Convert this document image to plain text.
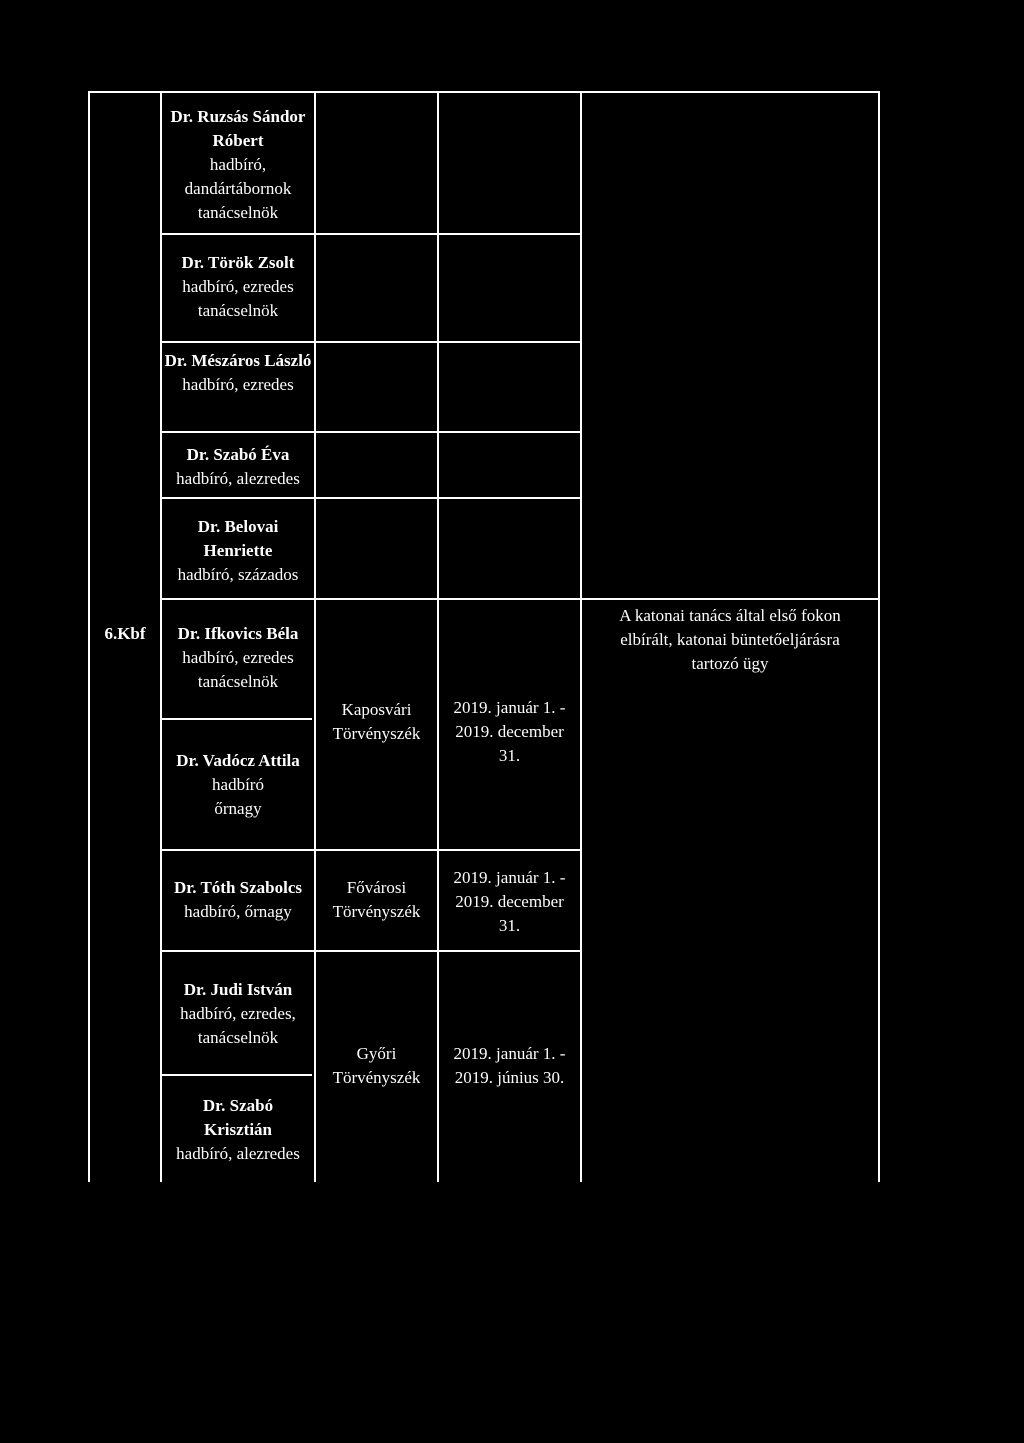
Dr. Ruzsás Sándor Róbert
hadbíró, dandártábornok tanácselnök
Dr. Török Zsolt
hadbíró, ezredes tanácselnök
Dr. Mészáros László
hadbíró, ezredes
Dr. Szabó Éva
hadbíró, alezredes
Dr. Belovai Henriette
hadbíró, százados
6.Kbf	Dr. Ifkovics Béla
hadbíró, ezredes tanácselnök
Dr. Vadócz Attila
hadbíró őrnagy
Kaposvári Törvényszék
2019. január 1. - 2019. december 31.
A katonai tanács által első fokon elbírált, katonai büntetőeljárásra tartozó ügy
Dr. Tóth Szabolcs
hadbíró, őrnagy
Fővárosi Törvényszék
2019. január 1. - 2019. december 31.
Dr. Judi István
hadbíró, ezredes, tanácselnök
Dr. Szabó Krisztián
hadbíró, alezredes
Győri Törvényszék
2019. január 1. - 2019. június 30.
